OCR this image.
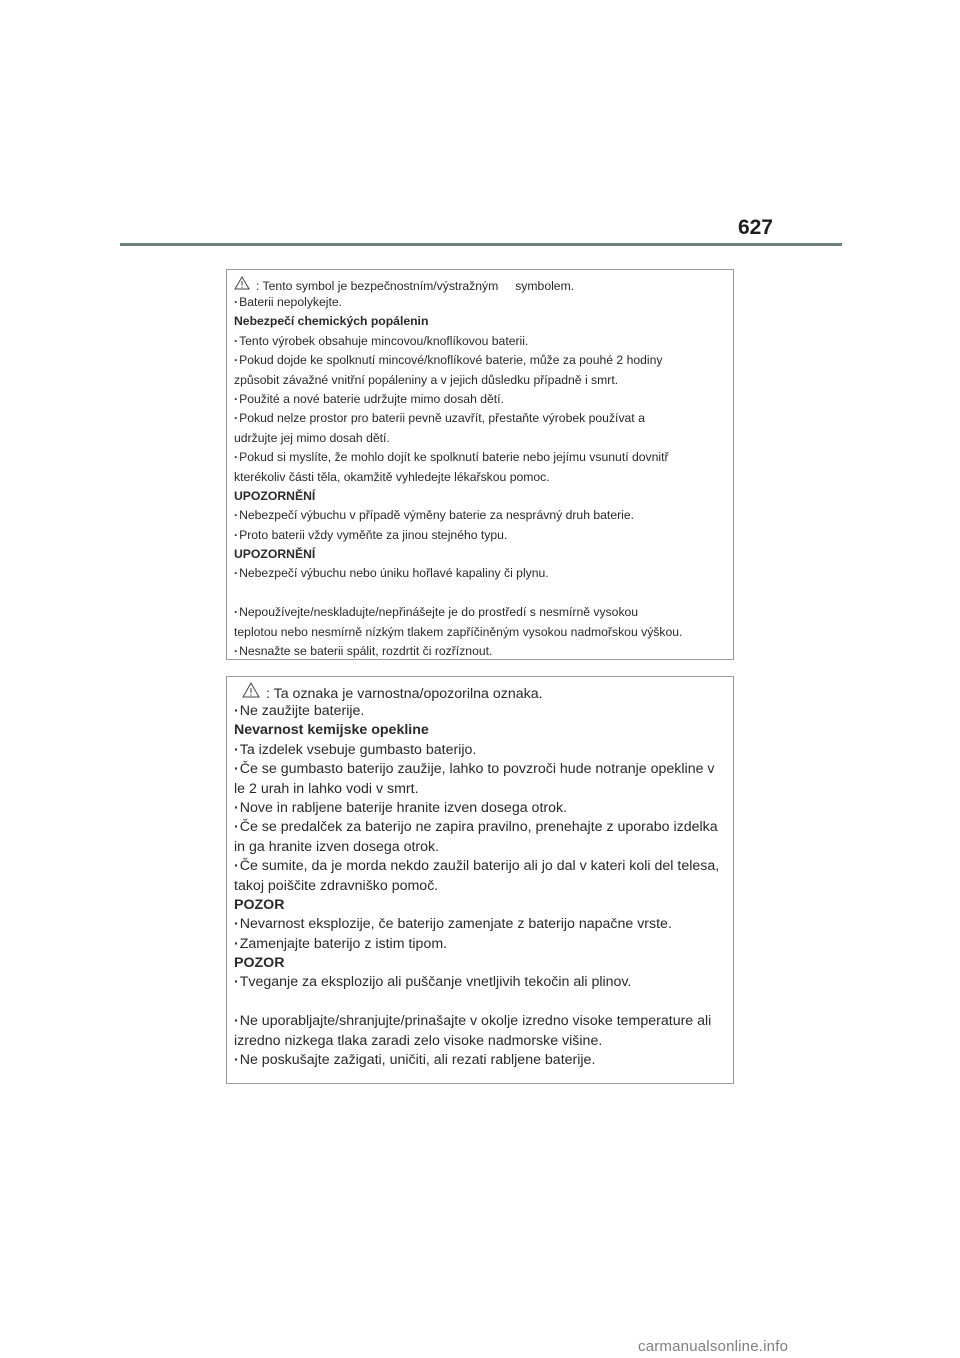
627
: Tento symbol je bezpečnostním/výstražným     symbolem.
· Baterii nepolykejte.
Nebezpečí chemických popálenin
· Tento výrobek obsahuje mincovou/knoflíkovou baterii.
· Pokud dojde ke spolknutí mincové/knoflíkové baterie, může za pouhé 2 hodiny
způsobit závažné vnitřní popáleniny a v jejich důsledku případně i smrt.
· Použité a nové baterie udržujte mimo dosah dětí.
· Pokud nelze prostor pro baterii pevně uzavřít, přestaňte výrobek používat a
udržujte jej mimo dosah dětí.
· Pokud si myslíte, že mohlo dojít ke spolknutí baterie nebo jejímu vsunutí dovnitř
kterékoliv části těla, okamžitě vyhledejte lékařskou pomoc.
UPOZORNĚNÍ
· Nebezpečí výbuchu v případě výměny baterie za nesprávný druh baterie.
· Proto baterii vždy vyměňte za jinou stejného typu.
UPOZORNĚNÍ
· Nebezpečí výbuchu nebo úniku hořlavé kapaliny či plynu.
· Nepoužívejte/neskladujte/nepřinášejte je do prostředí s nesmírně vysokou
teplotou nebo nesmírně nízkým tlakem zapříčiněným vysokou nadmořskou výškou.
· Nesnažte se baterii spálit, rozdrtit či rozříznout.
: Ta oznaka je varnostna/opozorilna oznaka.
· Ne zaužijte baterije.
Nevarnost kemijske opekline
· Ta izdelek vsebuje gumbasto baterijo.
· Če se gumbasto baterijo zaužije, lahko to povzroči hude notranje opekline v
le 2 urah in lahko vodi v smrt.
· Nove in rabljene baterije hranite izven dosega otrok.
· Če se predalček za baterijo ne zapira pravilno, prenehajte z uporabo izdelka
in ga hranite izven dosega otrok.
· Če sumite, da je morda nekdo zaužil baterijo ali jo dal v kateri koli del telesa,
takoj poiščite zdravniško pomoč.
POZOR
· Nevarnost eksplozije, če baterijo zamenjate z baterijo napačne vrste.
· Zamenjajte baterijo z istim tipom.
POZOR
· Tveganje za eksplozijo ali puščanje vnetljivih tekočin ali plinov.
· Ne uporabljajte/shranjujte/prinašajte v okolje izredno visoke temperature ali
izredno nizkega tlaka zaradi zelo visoke nadmorske višine.
· Ne poskušajte zažigati, uničiti, ali rezati rabljene baterije.
carmanualsonline.info
